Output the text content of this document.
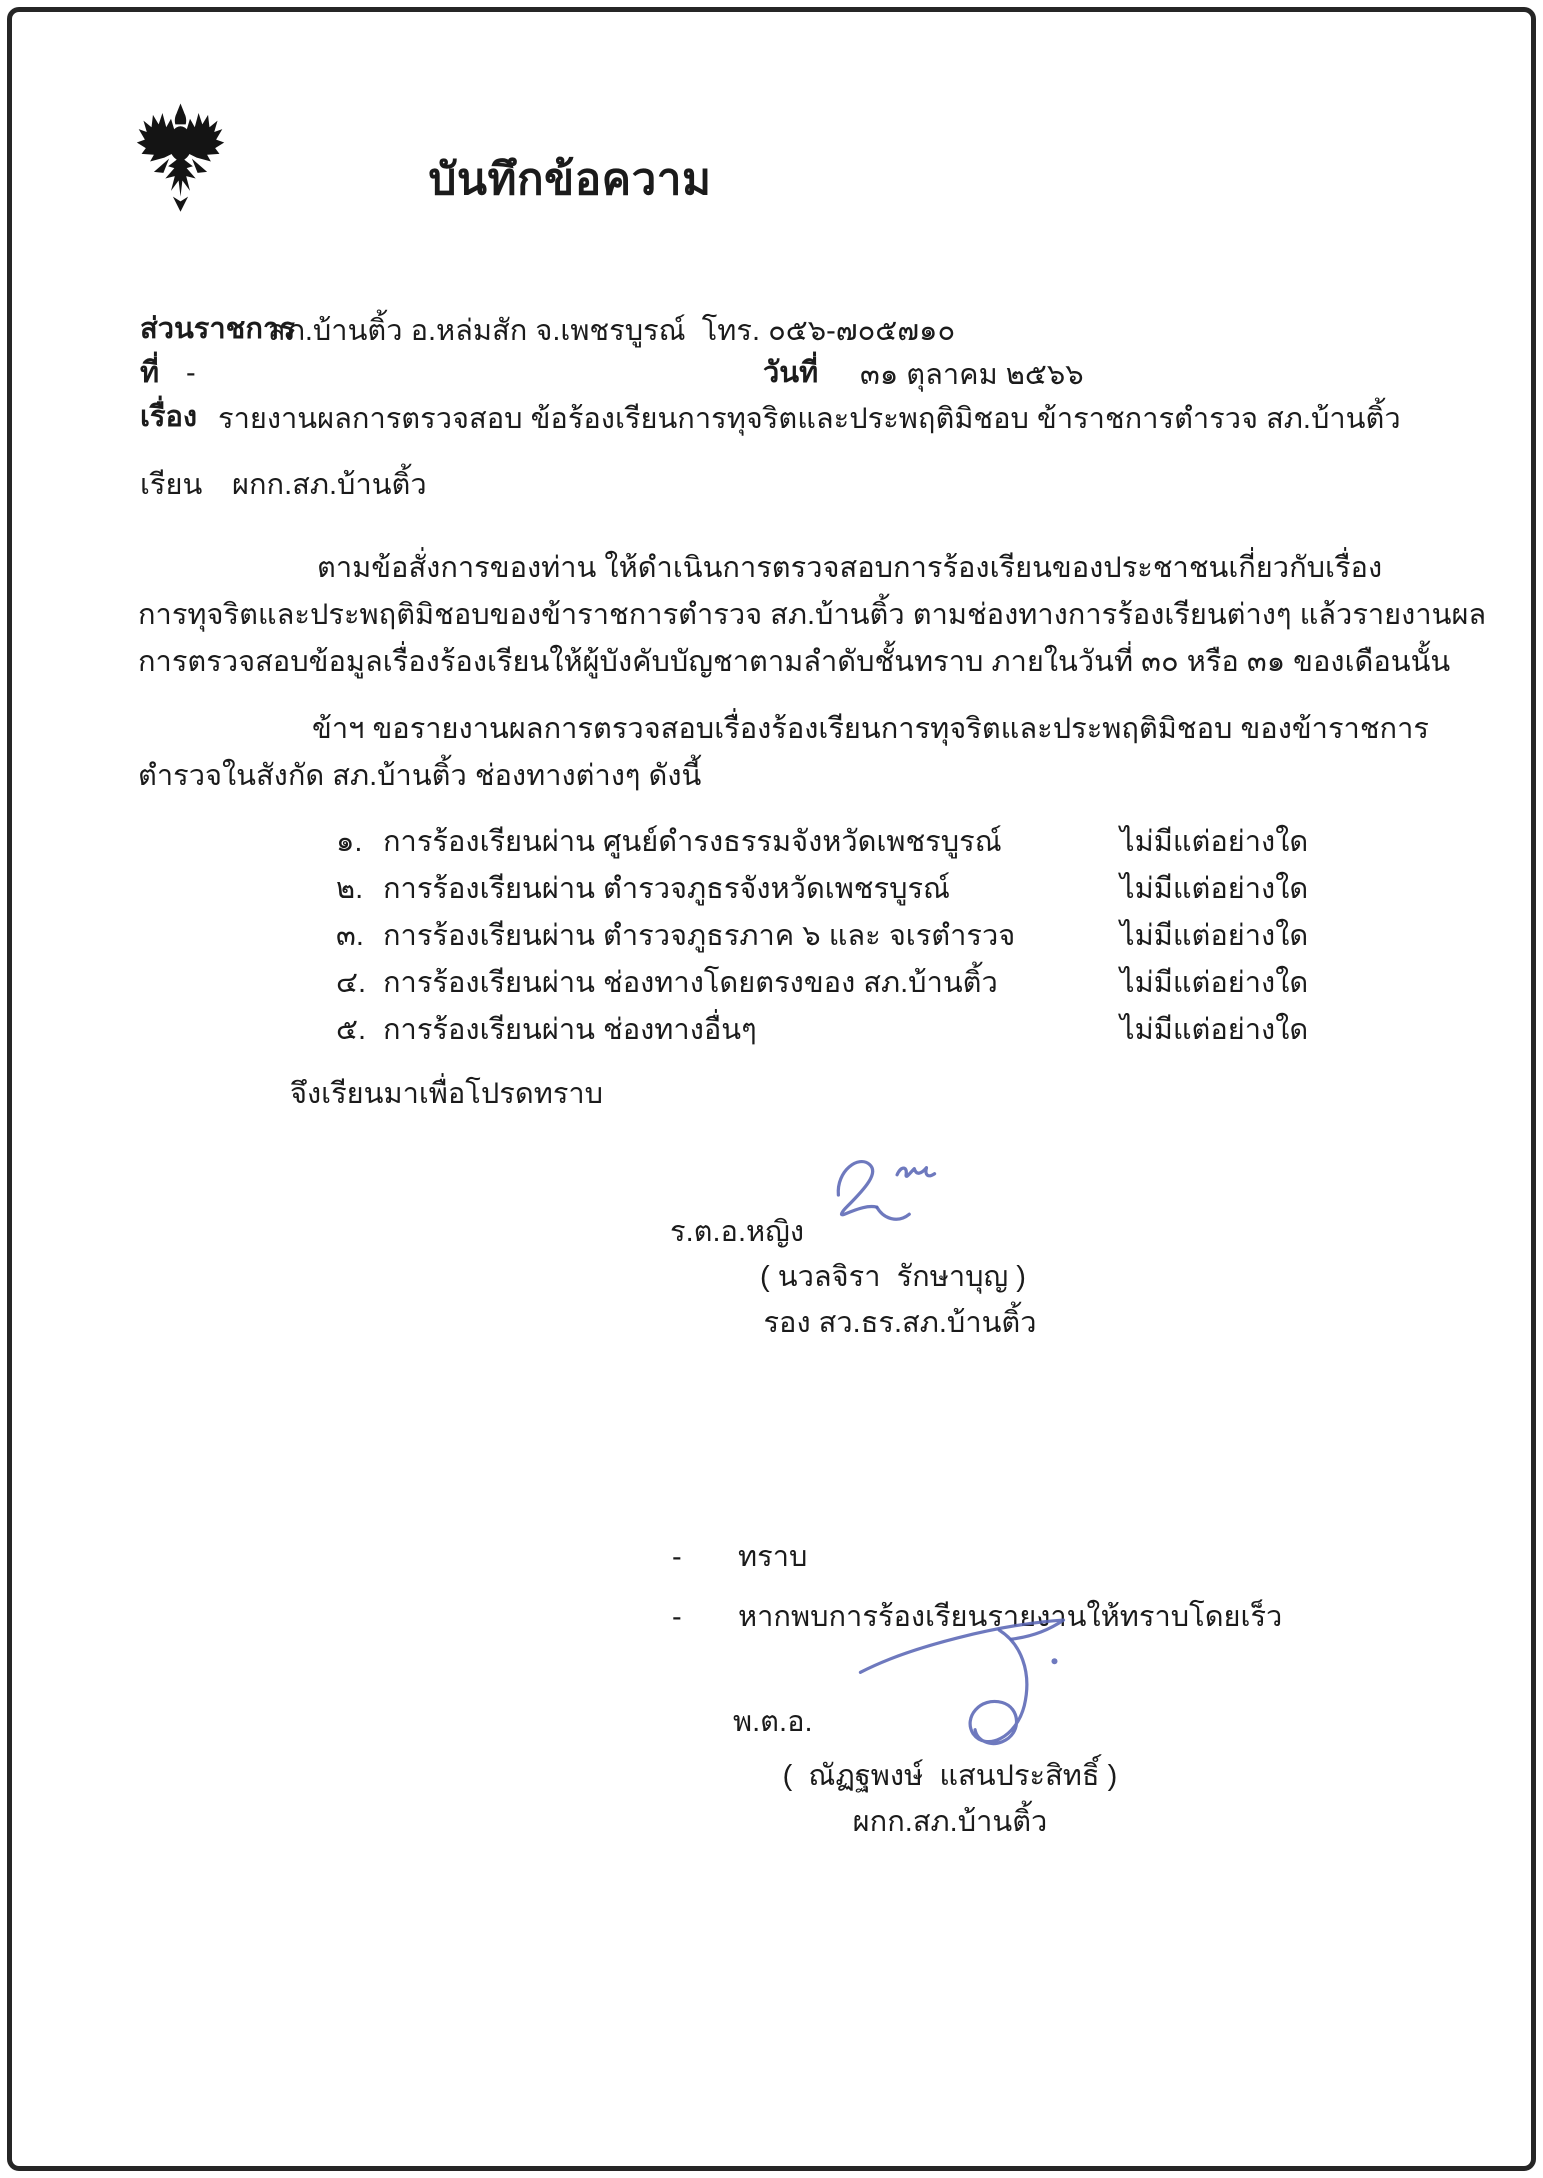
บันทึกข้อความ
ส่วนราชการ
สภ.บ้านติ้ว อ.หล่มสัก จ.เพชรบูรณ์  โทร. ๐๕๖-๗๐๕๗๑๐
ที่ -	วันที่ ๓๑ ตุลาคม ๒๕๖๖
เรื่อง รายงานผลการตรวจสอบ ข้อร้องเรียนการทุจริตและประพฤติมิชอบ ข้าราชการตำรวจ สภ.บ้านติ้ว
เรียน ผกก.สภ.บ้านติ้ว
ตามข้อสั่งการของท่าน ให้ดำเนินการตรวจสอบการร้องเรียนของประชาชนเกี่ยวกับเรื่อง
การทุจริตและประพฤติมิชอบของข้าราชการตำรวจ สภ.บ้านติ้ว ตามช่องทางการร้องเรียนต่างๆ แล้วรายงานผล
การตรวจสอบข้อมูลเรื่องร้องเรียนให้ผู้บังคับบัญชาตามลำดับชั้นทราบ ภายในวันที่ ๓๐ หรือ ๓๑ ของเดือนนั้น
ข้าฯ ขอรายงานผลการตรวจสอบเรื่องร้องเรียนการทุจริตและประพฤติมิชอบ ของข้าราชการ
ตำรวจในสังกัด สภ.บ้านติ้ว ช่องทางต่างๆ ดังนี้
๑. การร้องเรียนผ่าน ศูนย์ดำรงธรรมจังหวัดเพชรบูรณ์	ไม่มีแต่อย่างใด
๒. การร้องเรียนผ่าน ตำรวจภูธรจังหวัดเพชรบูรณ์	ไม่มีแต่อย่างใด
๓. การร้องเรียนผ่าน ตำรวจภูธรภาค ๖ และ จเรตำรวจ	ไม่มีแต่อย่างใด
๔. การร้องเรียนผ่าน ช่องทางโดยตรงของ สภ.บ้านติ้ว	ไม่มีแต่อย่างใด
๕. การร้องเรียนผ่าน ช่องทางอื่นๆ	ไม่มีแต่อย่างใด
จึงเรียนมาเพื่อโปรดทราบ
ร.ต.อ.หญิง
( นวลจิรา  รักษาบุญ )
รอง สว.ธร.สภ.บ้านติ้ว
- ทราบ
- หากพบการร้องเรียนรายงานให้ทราบโดยเร็ว
พ.ต.อ.
(  ณัฏฐพงษ์  แสนประสิทธิ์ )
ผกก.สภ.บ้านติ้ว
